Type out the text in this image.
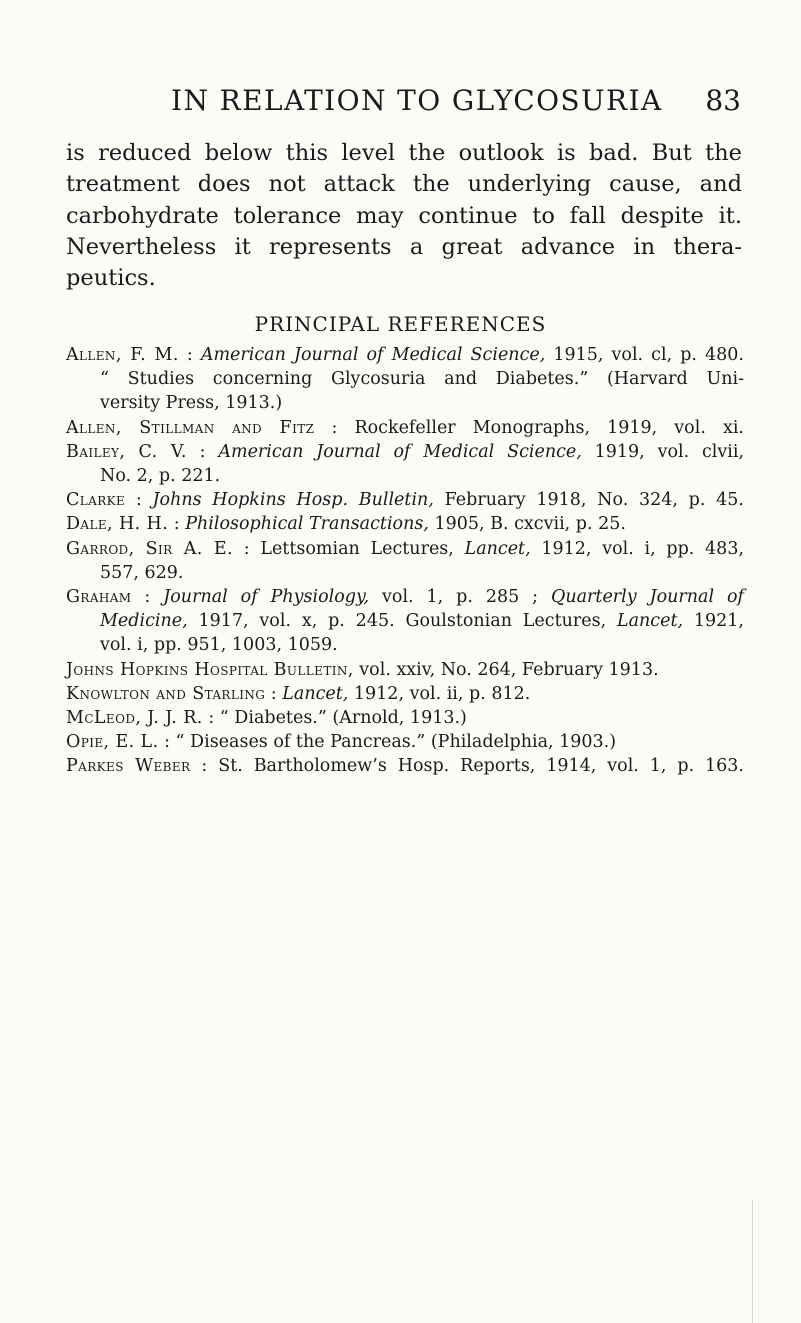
IN RELATION TO GLYCOSURIA 83
is reduced below this level the outlook is bad. But the
treatment does not attack the underlying cause, and
carbohydrate tolerance may continue to fall despite it.
Nevertheless it represents a great advance in thera-
peutics.
PRINCIPAL REFERENCES
Allen, F. M. : American Journal of Medical Science, 1915, vol. cl, p. 480.
“ Studies concerning Glycosuria and Diabetes.” (Harvard Uni-
versity Press, 1913.)
Allen, Stillman and Fitz : Rockefeller Monographs, 1919, vol. xi.
Bailey, C. V. : American Journal of Medical Science, 1919, vol. clvii,
No. 2, p. 221.
Clarke : Johns Hopkins Hosp. Bulletin, February 1918, No. 324, p. 45.
Dale, H. H. : Philosophical Transactions, 1905, B. cxcvii, p. 25.
Garrod, Sir A. E. : Lettsomian Lectures, Lancet, 1912, vol. i, pp. 483,
557, 629.
Graham : Journal of Physiology, vol. 1, p. 285 ; Quarterly Journal of
Medicine, 1917, vol. x, p. 245. Goulstonian Lectures, Lancet, 1921,
vol. i, pp. 951, 1003, 1059.
Johns Hopkins Hospital Bulletin, vol. xxiv, No. 264, February 1913.
Knowlton and Starling : Lancet, 1912, vol. ii, p. 812.
McLeod, J. J. R. : “ Diabetes.” (Arnold, 1913.)
Opie, E. L. : “ Diseases of the Pancreas.” (Philadelphia, 1903.)
Parkes Weber : St. Bartholomew’s Hosp. Reports, 1914, vol. 1, p. 163.
